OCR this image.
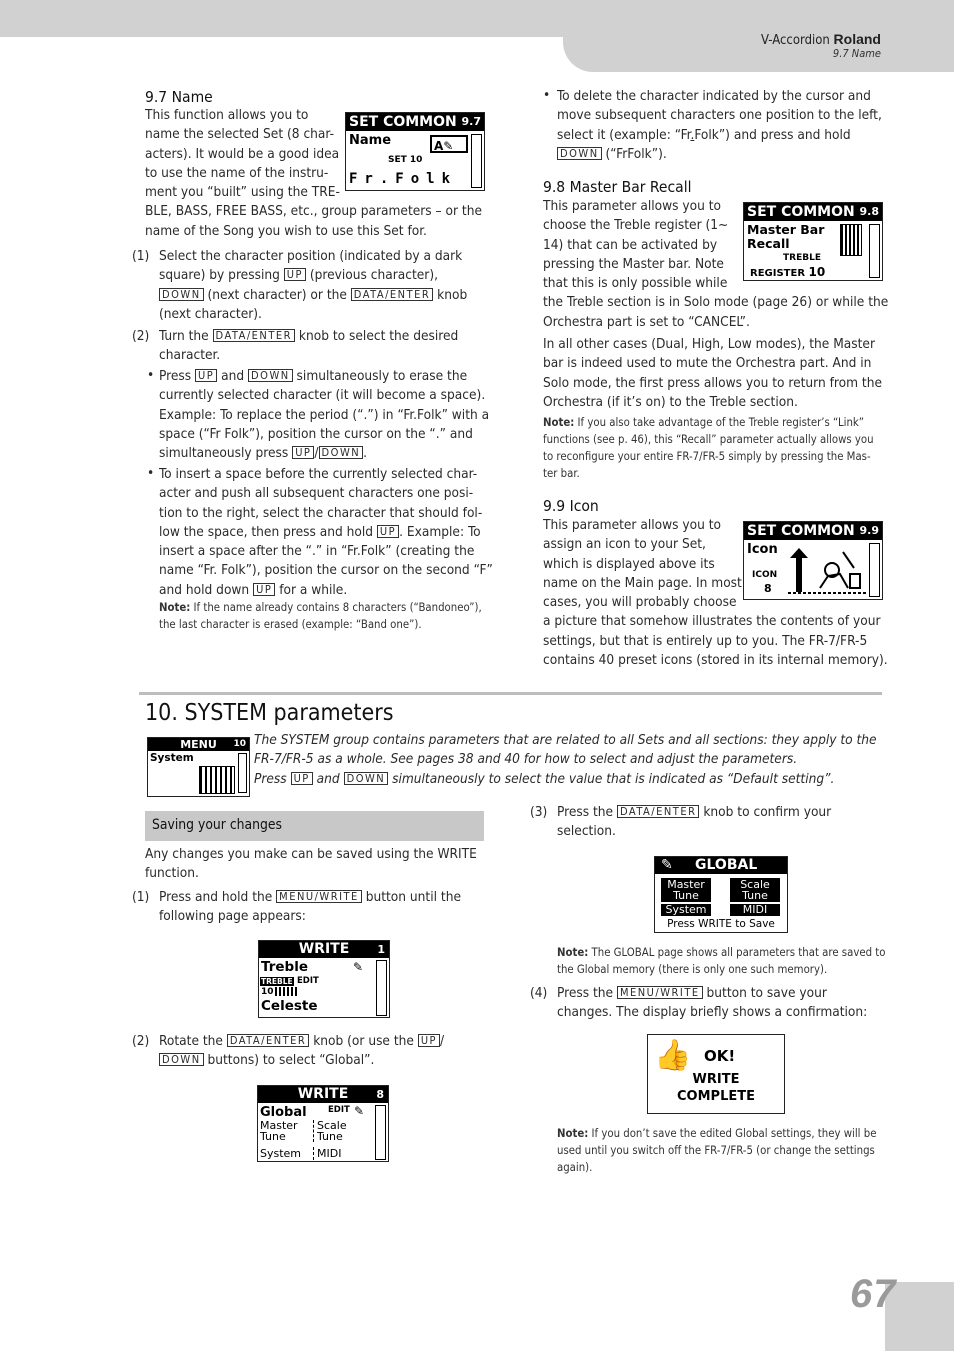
V-Accordion Roland
9.7 Name
9.7 Name
This function allows you to
name the selected Set (8 char-
acters). It would be a good idea
to use the name of the instru-
ment you “built” using the TRE-
BLE, BASS, FREE BASS, etc., group parameters – or the
name of the Song you wish to use this Set for.
SET COMMON 9.7
Name	A✎
SET 10
Fr.Folk
(1) Select the character position (indicated by a dark
square) by pressing UP (previous character),
DOWN (next character) or the DATA/ENTER knob
(next character).
(2) Turn the DATA/ENTER knob to select the desired
character.
• Press UP and DOWN simultaneously to erase the
currently selected character (it will become a space).
Example: To replace the period (“.”) in “Fr.Folk” with a
space (“Fr Folk”), position the cursor on the “.” and
simultaneously press UP / DOWN .
• To insert a space before the currently selected char-
acter and push all subsequent characters one posi-
tion to the right, select the character that should fol-
low the space, then press and hold UP . Example: To
insert a space after the “.” in “Fr.Folk” (creating the
name “Fr. Folk”), position the cursor on the second “F”
and hold down UP for a while.
Note: If the name already contains 8 characters (“Bandoneo”),
the last character is erased (example: “Band one”).
• To delete the character indicated by the cursor and
move subsequent characters one position to the left,
select it (example: “Fr.Folk”) and press and hold
DOWN (“FrFolk”).
9.8 Master Bar Recall
This parameter allows you to
choose the Treble register (1~
14) that can be activated by
pressing the Master bar. Note
that this is only possible while
the Treble section is in Solo mode (page 26) or while the
Orchestra part is set to “CANCEL”.
SET COMMON 9.8
Master Bar
Recall
TREBLE
REGISTER 10
In all other cases (Dual, High, Low modes), the Master
bar is indeed used to mute the Orchestra part. And in
Solo mode, the first press allows you to return from the
Orchestra (if it’s on) to the Treble section.
Note: If you also take advantage of the Treble register’s “Link”
functions (see p. 46), this “Recall” parameter actually allows you
to reconfigure your entire FR-7/FR-5 simply by pressing the Mas-
ter bar.
9.9 Icon
This parameter allows you to
assign an icon to your Set,
which is displayed above its
name on the Main page. In most
cases, you will probably choose
a picture that somehow illustrates the contents of your
settings, but that is entirely up to you. The FR-7/FR-5
contains 40 preset icons (stored in its internal memory).
SET COMMON 9.9
Icon
ICON
8
10. SYSTEM parameters
MENU 10
System
The SYSTEM group contains parameters that are related to all Sets and all sections: they apply to the
FR-7/FR-5 as a whole. See pages 38 and 40 for how to select and adjust the parameters.
Press UP and DOWN simultaneously to select the value that is indicated as “Default setting”.
Saving your changes
Any changes you make can be saved using the WRITE
function.
(1) Press and hold the MENU/WRITE button until the
following page appears:
WRITE	1
Treble	✎
TREBLE EDIT
10
Celeste
(2) Rotate the DATA/ENTER knob (or use the UP /
DOWN buttons) to select “Global”.
WRITE	8
Global	EDIT ✎
Master
Tune
Scale
Tune
System	MIDI
(3) Press the DATA/ENTER knob to confirm your
selection.
✎ GLOBAL
Master
Tune
Scale
Tune
System	MIDI
Press WRITE to Save
Note: The GLOBAL page shows all parameters that are saved to
the Global memory (there is only one such memory).
(4) Press the MENU/WRITE button to save your
changes. The display briefly shows a confirmation:
👍 OK!
WRITE
COMPLETE
Note: If you don’t save the edited Global settings, they will be
used until you switch off the FR-7/FR-5 (or change the settings
again).
67
